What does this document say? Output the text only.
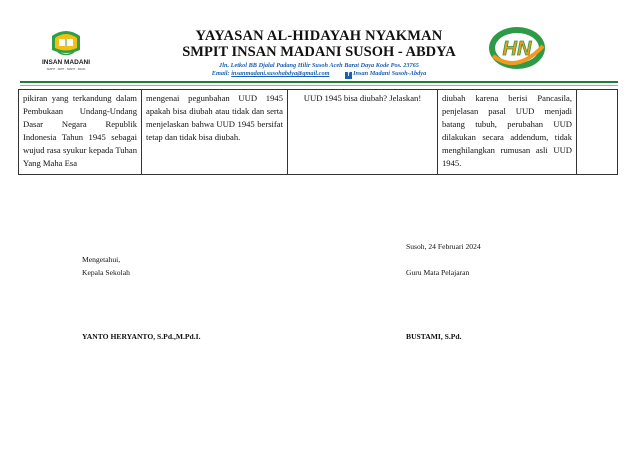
INSAN MADANI
SMPIT · SMIT · SMPIT · PAUD
YAYASAN AL-HIDAYAH NYAKMAN
SMPIT INSAN MADANI SUSOH - ABDYA
Jln. Letkol BB Djalal Padang Hilir Susoh Aceh Barat Daya Kode Pos. 23765
Email: insanmadani.susohabdya@gmail.com	f Insan Madani Susoh-Abdya
HN
pikiran yang terkandung dalam Pembukaan Undang-Undang Dasar Negara Republik Indonesia Tahun 1945 sebagai wujud rasa syukur kepada Tuhan Yang Maha Esa	mengenai pegunbahan UUD 1945 apakah bisa diubah atau tidak dan serta menjelaskan bahwa UUD 1945 bersifat tetap dan tidak bisa diubah.	UUD 1945 bisa diubah? Jelaskan!	diubah karena berisi Pancasila, penjelasan pasal UUD menjadi batang tubuh, perubahan UUD dilakukan secara addendum, tidak menghilangkan rumusan asli UUD 1945.	
Susoh, 24 Februari 2024
Mengetahui,
Kepala Sekolah	Guru Mata Pelajaran
YANTO HERYANTO, S.Pd.,M.Pd.I.	BUSTAMI, S.Pd.
